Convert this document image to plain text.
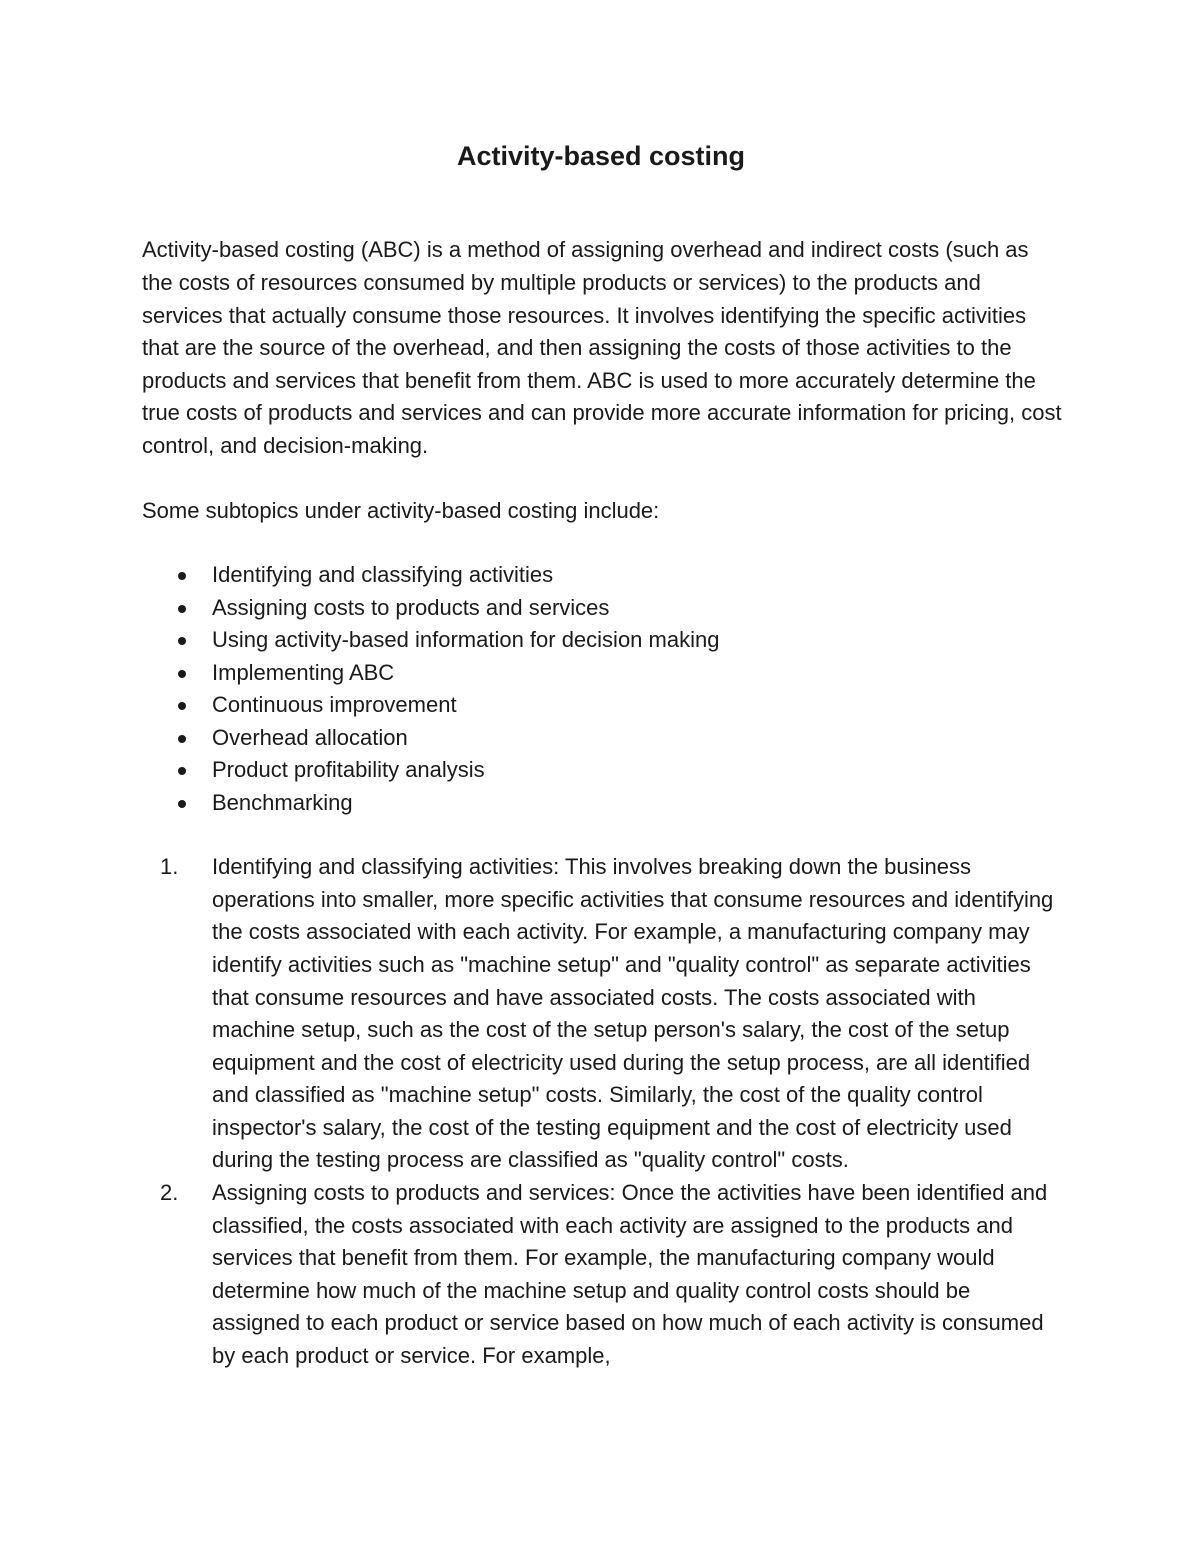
Activity-based costing

Activity-based costing (ABC) is a method of assigning overhead and indirect costs (such as the costs of resources consumed by multiple products or services) to the products and services that actually consume those resources. It involves identifying the specific activities that are the source of the overhead, and then assigning the costs of those activities to the products and services that benefit from them. ABC is used to more accurately determine the true costs of products and services and can provide more accurate information for pricing, cost control, and decision-making.

Some subtopics under activity-based costing include:

Identifying and classifying activities
Assigning costs to products and services
Using activity-based information for decision making
Implementing ABC
Continuous improvement
Overhead allocation
Product profitability analysis
Benchmarking
1. Identifying and classifying activities: This involves breaking down the business operations into smaller, more specific activities that consume resources and identifying the costs associated with each activity. For example, a manufacturing company may identify activities such as "machine setup" and "quality control" as separate activities that consume resources and have associated costs. The costs associated with machine setup, such as the cost of the setup person's salary, the cost of the setup equipment and the cost of electricity used during the setup process, are all identified and classified as "machine setup" costs. Similarly, the cost of the quality control inspector's salary, the cost of the testing equipment and the cost of electricity used during the testing process are classified as "quality control" costs.
2. Assigning costs to products and services: Once the activities have been identified and classified, the costs associated with each activity are assigned to the products and services that benefit from them. For example, the manufacturing company would determine how much of the machine setup and quality control costs should be assigned to each product or service based on how much of each activity is consumed by each product or service. For example,
